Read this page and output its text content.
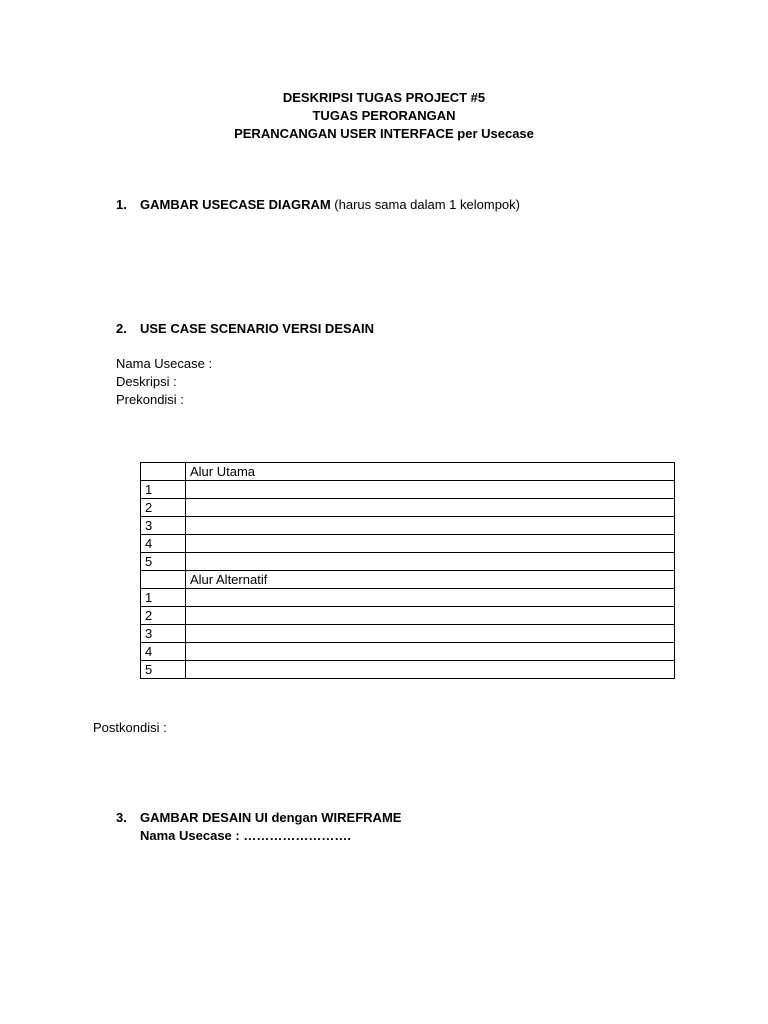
DESKRIPSI TUGAS PROJECT #5
TUGAS PERORANGAN
PERANCANGAN USER INTERFACE per Usecase
1. GAMBAR USECASE DIAGRAM (harus sama dalam 1 kelompok)
2. USE CASE SCENARIO VERSI DESAIN
Nama Usecase :
Deskripsi :
Prekondisi :
	Alur Utama
1	
2	
3	
4	
5	
	Alur Alternatif
1	
2	
3	
4	
5	
Postkondisi :
3. GAMBAR DESAIN UI dengan WIREFRAME
Nama Usecase : …………………….
